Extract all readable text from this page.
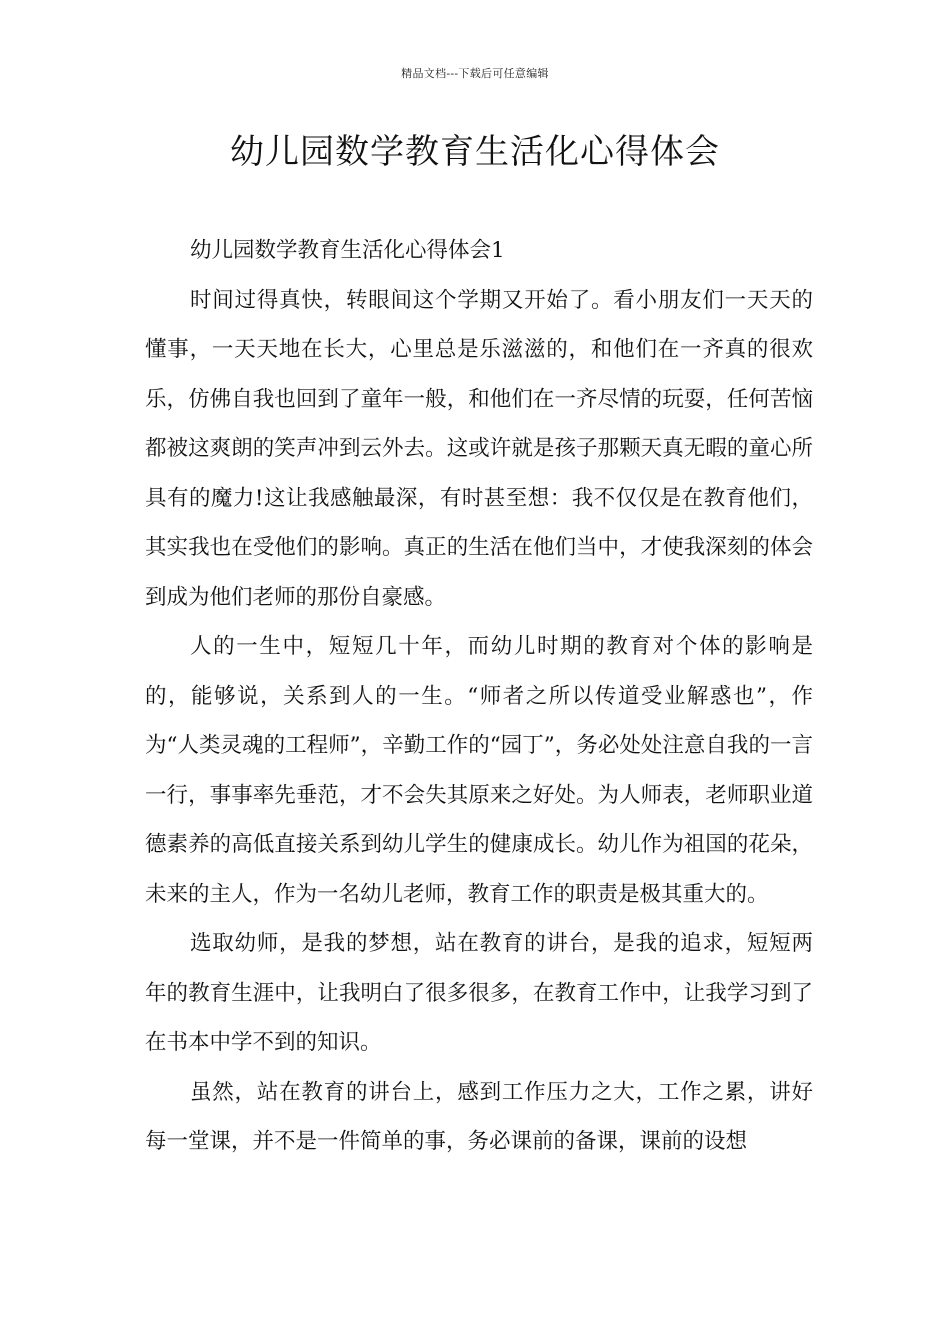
精品文档---下载后可任意编辑
幼儿园数学教育生活化心得体会

幼儿园数学教育生活化心得体会1

时间过得真快，转眼间这个学期又开始了。看小朋友们一天天的懂事，一天天地在长大，心里总是乐滋滋的，和他们在一齐真的很欢乐，仿佛自我也回到了童年一般，和他们在一齐尽情的玩耍，任何苦恼都被这爽朗的笑声冲到云外去。这或许就是孩子那颗天真无暇的童心所具有的魔力!这让我感触最深，有时甚至想：我不仅仅是在教育他们，其实我也在受他们的影响。真正的生活在他们当中，才使我深刻的体会到成为他们老师的那份自豪感。

人的一生中，短短几十年，而幼儿时期的教育对个体的影响是的，能够说，关系到人的一生。“师者之所以传道受业解惑也”，作为“人类灵魂的工程师”，辛勤工作的“园丁”，务必处处注意自我的一言一行，事事率先垂范，才不会失其原来之好处。为人师表，老师职业道德素养的高低直接关系到幼儿学生的健康成长。幼儿作为祖国的花朵，未来的主人，作为一名幼儿老师，教育工作的职责是极其重大的。

选取幼师，是我的梦想，站在教育的讲台，是我的追求，短短两年的教育生涯中，让我明白了很多很多，在教育工作中，让我学习到了在书本中学不到的知识。

虽然，站在教育的讲台上，感到工作压力之大，工作之累，讲好每一堂课，并不是一件简单的事，务必课前的备课，课前的设想
